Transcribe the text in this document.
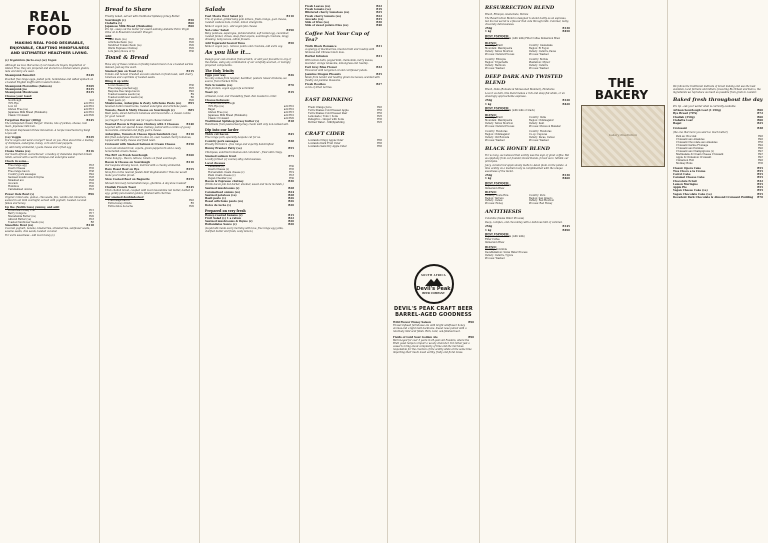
REAL FOOD
MAKING REAL FOOD DESIRABLE, ENJOYABLE, CRAFTING MINDFULNESS AND ULTIMATELY HEALTHIER LIVING.
(v) Vegetarian (lacto-ovo) (ve) Vegan
Although we love that some of our meals are Vegan, Vegetarian or Gluten Free, they are prepared and stored in a kitchen where gluten, nuts and dairy are used.
Steampunk Benedict	R149
Poached free range eggs, pulled pork, hollandaise and wilted spinach on a toasted English muffin with roasted tomato.
Steampunk Florentine (Salmon)	R169
Steampunk Joe	R135
Steampunk Mushroom	R135
Choose your toast:
Sourdough	incl
70% Rye	add R10
Low GI	add R10
Gluten Free (ve)	add R15
Japanese Milk Bread (Hokkaido)	add R10
Classic Croissant	add R20
Forgotten Burger (200g)	R145
The undisputed Classic Burger: Onions, lots of pickles, cheese, real meat, Japanese milk bun.
The Great Depression threw innovation. A recipe resurrected by Kenji López-Alt.
(ve) Veggie	R129
You're vegan and want a burger? Good on you. How about this: a medley of chickpeas, aubergine, honey, corn and roast peppers.
(v) Add melty emmental / goats cheese and a fried egg
Chaka Shaka (ve)	R116
Our South African overachiever: a medley of chakalaka inspired tomato relish, served with a warm chickpea and aubergine salad.
Check in some...
Free range egg	R18
Goat's Cheese	R35
Free range bacon	R38
Country pork sausages	R42
Sautéed mushrooms & thyme	R28
Smashed avo	R28
Avocado	R32
Hummus	R26
Caramelised onions	R18
Power Oats Bowl (v)	R96
Organic rolled oats, quinoa, chia seeds, flax, vanilla and cinnamon, soaked in oat milk overnight, served with yoghurt, toasted coconut flakes and honey.
Up the (Nutilicious) yummy, and add:
Local Raw Honey Trio	R15
Berry Compote	R17
Macadamia Butter (ve)	R20
Almond Butter (ve)	R18
Toasted Sunflower Seeds (ve)	R8
Smoothie Bowl (ve)	R118
Coconut yoghurt, banana, blueberries, strawberries, sunflower seeds, sesame seeds, chia seeds, toasted coconut.
For extra sweetness - add local honey (v)
Bread to Share
Freshly baked, served with traditional Spitskop Jersey Butter.
Sourdough (v)	R50
Ciabatta (v)	R60
Japanese Milk Bread (Hokkaido)	R60
Pro tip - swap out the butter for award-winning Andante Extra Virgin Olive oil & Rosendal Lavender Vinegar.
Add:
Basil Pesto (ve)	R26
Artichoke Pesto (ve)	R26
Sundried Tomato Pesto (ve)	R20
Warm Espresso Chutney	R20
Lots Jam (choice of 3)	R36
Toast & Bread
Have any of these combos on freshly baked bread or as a toasted sarmie instead, just say the word.
Smoked Jam on Toast (ve)	R115
Tomato and honest Crushed avocado stacked on fresh toast, with cherry tomatoes and a sprinkle of toasted seeds.
Bling it up with:
Local cheese (ve)	R36
Free range poached egg	R25
Bespoke free range bacon	R45
Toasted sesame seeds (ve)	R9
Toasted sunflower seeds (ve)	R6
Basil pesto (v)	R26
Mushrooms, Aubergine & Zesty Artichoke Pesto (ve)	R95
Sautéed button mushrooms, roasted aubergine and artichoke pesto.
Tomato, Basil & Melty Cheese on Sourdough (v)	R85
Basil pesto, sliced heirloom tomatoes and mozzarella - a classic combo for good reason!
(ve) Vegan? No problem! Ask for vegan cheese instead.
Toasted Bacon & Espresso Chutney with 3 Cheeses	R140
Layered with our special house chutney, paired with a combo of gooey mozzarella, emmental and fluffy goat's cheese.
Aubergine, Tomato & Cheese Open Sandwich (ve)	R110
Pan fried aubergine drizzled in olive oil, oven roasted cherry tomatoes, topped with melty cheese and fresh basil.
Croissant with Smoked Salmon & Cream Cheese	R150
Local oak smoked trout, capers, green peppercorn and a zesty horseradish cream cheese.
The BLT on Fresh Sourdough	R160
Come hungry... Bacon, lettuce, tomato on fresh sourdough.
Bacon & Cheese on Sourdough	R110
Our bespoke streaky bacon, married with a creamy emmental.
Rare Roast Beef on Rye	R155
Slow fire on the nearest Jewish Deli! Pagliabanatto! This one would make your bubbe proud.
Slow Cooked Beef on Baguette	R155
Shaved rare beef, horseradish mayo, gherkins. A day slow roasted!
Challah French Toast	R145
Thick challah bread, coupled with local macadamia nut butter, bathed in egg, gently pan-toasted golden, finished with cherries.
Our smoked doubledecker:
Free range bacon	R45
Extra honey drizzle	R5
Extra dulce de leche	R20
Salads
East Meets West Salad (v)	R110
Trio of quinoa, grilled baby gem lettuce, fresh orange, goat cheese, roasted cashew nuts, rocket, lemon vinaigrette.
Make it vegan (ve) - add vegan feta cheese
Not-cóise' Salad	R190
Baby potatoes, asparagus, pickled shallot, soft boiled egg, cucumber, roasted fennel, chives, deep-fried capers, sourdough croutons, tangy dressing, baby leaves, edible flowers.
Add Togarashi Seared Tuna	R50
Make it vegan (ve) - remove potato and croutons, add extra veg.
As you like it...
Design your own creation from scratch, or add your favourite to any of the dishes, using any combination of our carefully sourced, or lovingly prepared components.
The Holy Trinity
Eggs your way	R36
No only comes from happier, healthier, pasture raised chickens, we source from Chicken Farm.
Tofu Scramble (ve)	R70
High protein, vegan eggs tofu scramble!
Toast (v)	R19
Artisanal, local, and irresistibly fresh. Pan toasted to order.
Choose between:
Traditional sourdough
70% Rye (ve)	add R10
Bagel	add R10
Gluten Free (ve)	add R15
Japanese Milk Bread (Hokkaido)	add R10
Classic Croissant	add R20
Traditional Spitskop Jersey butter (v)	R18
Handmade from pasteurised jersey cream with only non-iodised salt.
Dip into our larder
Thick cut bacon	R45
Free range pork, specially bespoke cut for us.
Country pork sausages	R38
Proudly Ferreira's - free range and expertly handcrafted.
Bunny Pranker Patty (ve)	R55
Chickpeas, sundried tomatoes and coriander - fried until crispy.
Smoked salmon trout	R75
Locally farmed (of course) silky, deliciousness.
Local cheeses
Emmental (v)	R30
Goat's Cheese (v)	R35
Horseradish cream cheese (v)	R19
Plain cream cheese (v)	R18
Vegan Cheddar (ve)	R30
Bacon & Espresso chutney	R30
(Think bacon jam but darker, smokier, sweet and more moreish.)
Sautéed mushrooms (v)	R28
Caramelised onions (ve)	R24
Sautéed potatoes (ve)	R28
Basil pesto (v)	R26
Roast artichoke pesto (ve)	R26
Dolce de leche (v)	R20
Prepared on very fresh
Honey-roasted banana (v)	R15
Fruit Salad (v) 1 a ration	R22
Sautéed mushrooms & thyme (v)	R20
Hollandaise Sauce (v)	R20
(Liquid silk made every morning with love, free range egg yolks, clarified butter and fresh, zesty lemon.)
Fresh Leaves (ve)	R22
Fresh tomato (ve)	R19
Blistered cherry tomatoes (ve)	R25
Fresh cherry tomato (ve)	R22
Avocado (ve)	R35
Side of fries (ve)	R30
Side of sweet potato fries (ve)	R40
Coffee Not Your Cup of Tea?
Truth Black Romance	R31
A synergy of blackberries, blackcurrant and rosehip with hibiscus and Chinese black teas.
Herbal Infusion	R31
With lemon balm, peppermint, chamomile, berry leaves, lavender, orange blossoms, lemongrass and rosehip.
Earl Grey Blue Flower	R32
Flavoured with bergamot oil and cornflower petals.
Jasmine Dragon Phoenix	R35
Made from tender and healthy green tea leaves, scented with freshly cut jasmine blossoms.
Fresh Rooibos	R27
A mix of dried berries.
EAST DRINKING
Fresh Orange Juice	R45
Turra Shakes Cold Pressed Apple	R55
Turra Shakes Cold Pressed Pear	R55
Lemonade / Tonic / Soda	R25
Pellegrino - Ginger with Soda	R35
Bottled Water - Still/Sparkling	R25
CRAFT CIDER
Lowlands Crispy Apple Cider	R65
Lowlands Dark Fruit Cider	R65
Lowlands Semi Dry Apple Cider	R65
SOUTH AFRICA
Devil's Peak
BEER COMPANY
DEVIL'S PEAK CRAFT BEER BARREL-AGED GOODNESS
Wild Flower Honey Saison	R90
Flower-infused farmhouse ale with bright wildflower honey aromas and a light malt backbone. Sweet nose paired with a relatively mild acid finish. Rich, bold, oak-finished beer.
Fields of Gold Sour Golden Ale	R90
Barrel-aged for over 3 years in 25-year-old Fouders, where the Brett yeast helps to impart a woody character. Yet rather just a vessel to bring about complexity of time and the microbes responsible for the creation of the acidity while at the same time imparting their much loved earthy, fruity and floral tones.
RESURRECTION BLEND
Brazil, Ethiopia, Guatemala, Bolivia
The Resurrection Blend is designed to stand boldly as an espresso, but its real secret is a flavour that cuts through milk. Caramel, nutty, chocolaty deliciousness.
250g	R130
1 kg	R450
BEST EXPOSED:
Espresso-based drinks (with milk) Filter Coffee Immersion Brew
BLEND:
Country: Brazil
Mountain: Mantiqueira
Variety: Yellow Bourbon
Process: Natural Process

Country: Ethiopia
Region: Yirgacheffe
Variety: Heirloom
Process: Washed
Country: Guatemala
Region: El Fogon
Variety: Caturra, Pacas
Process: Washed

Country: Bolivia
Plantation: Mynor
Variety: Caturra
Process: Washed
DEEP DARK AND TWISTED BLEND
Brazil, India (Robusta & Monsooned Malabar), Honduras
Love it as dark, this blend makes a rich and deep flat white, or an amazingly approachable espresso.
250g	R120
1 kg	R420
BEST EXPOSED:
Espresso based drinks (with milk or black)
BLEND:
Country: Brazil
Mountain: Mantiqueira
Variety: Yellow Bourbon
Process: Natural Process

Country: Honduras
Region: Chikmagalur
Variety: Old Robusta
Process: Washed
Country: India
Region: Chikmagalur
Variety: Kent
Process: Monsoon Malabar

Country: Honduras
Co-op: Capucas
Variety: Pacas, Catuai
Process: Washed
BLACK HONEY BLEND
For so long, we believed that acidity was the sign of great coffee. But as epiphany from our founder, David Donde, forced us to rethink our principles.
Juicy, curated red apple slowly melts to Asian plum on the palate. A lime acidity on a medium body is complimented with the unique sweetness of the blend.
250g	R130
1 kg	R460
BEST EXPOSED:
Espresso-based drinks
Immersion Brew
BLEND:
Country: Costa Rica
Region: Tarrazu
Variety: Catuai
Process: Honey
Country: Peru
Region: San Ignacio
Variety: Red Bourbon
Process: Red Honey
ANTITHESIS
Colombia (Swiss Water Process)
Deep, complex, and chocolatey with a delicious hint of caramel.
250g	R145
1 kg	R490
BEST EXPOSED:
Espresso-based drinks (with milk)
Filter Coffee
Immersion Brew
BLEND:
Country: Colombia
Decaffeination: Swiss Water Process
Variety: Caturra, Typica
Process: Washed
THE BAKERY
bakery illustration
We follow the traditional methods of bread making and use the best available, local farmers and millers, favouring Bio Wheat and Karoo, the ingredients we reproduce as much as possible from grain to counter.
Baked fresh throughout the day
Pro tip - ask your waiter what is currently available.
Artisan Sourdough Loaf (1 250g)	R60
Rye Bread (70%)	R72
Challah (350g)	R60
Ciabatta Loaf	R60
Bagel	R25
Croissant	R38
(the one that more you said too much butter)
Pain au Chocolat	R45
Croissant aux Amandes	R45
Croissant Chocolate aux Amandes	R55
Croissant Garnie Fromage	R42
Croissant aux Pommes	R45
Croissant aux Champignons (v)	R47
Marmalade & Cream Cheese Croissant	R47
Apple & Cinnamon Croissant	R47
Cinnamon Roll	R45
Monkey Buns	R35
Classic Opera Cake	R55
Tres Chocs a la Creme	R55
Carrot Cake	R55
Caramel Cheese Cake	R55
Chocolate Eclair	R32
Lemon Meringue	R55
Apple Pie	R55
Vegan Cheese Cake (ve)	R55
Vegan Chocolate Cake (ve)	R55
Decadent Dark Chocolate & Almond Croissant Pudding	R70
